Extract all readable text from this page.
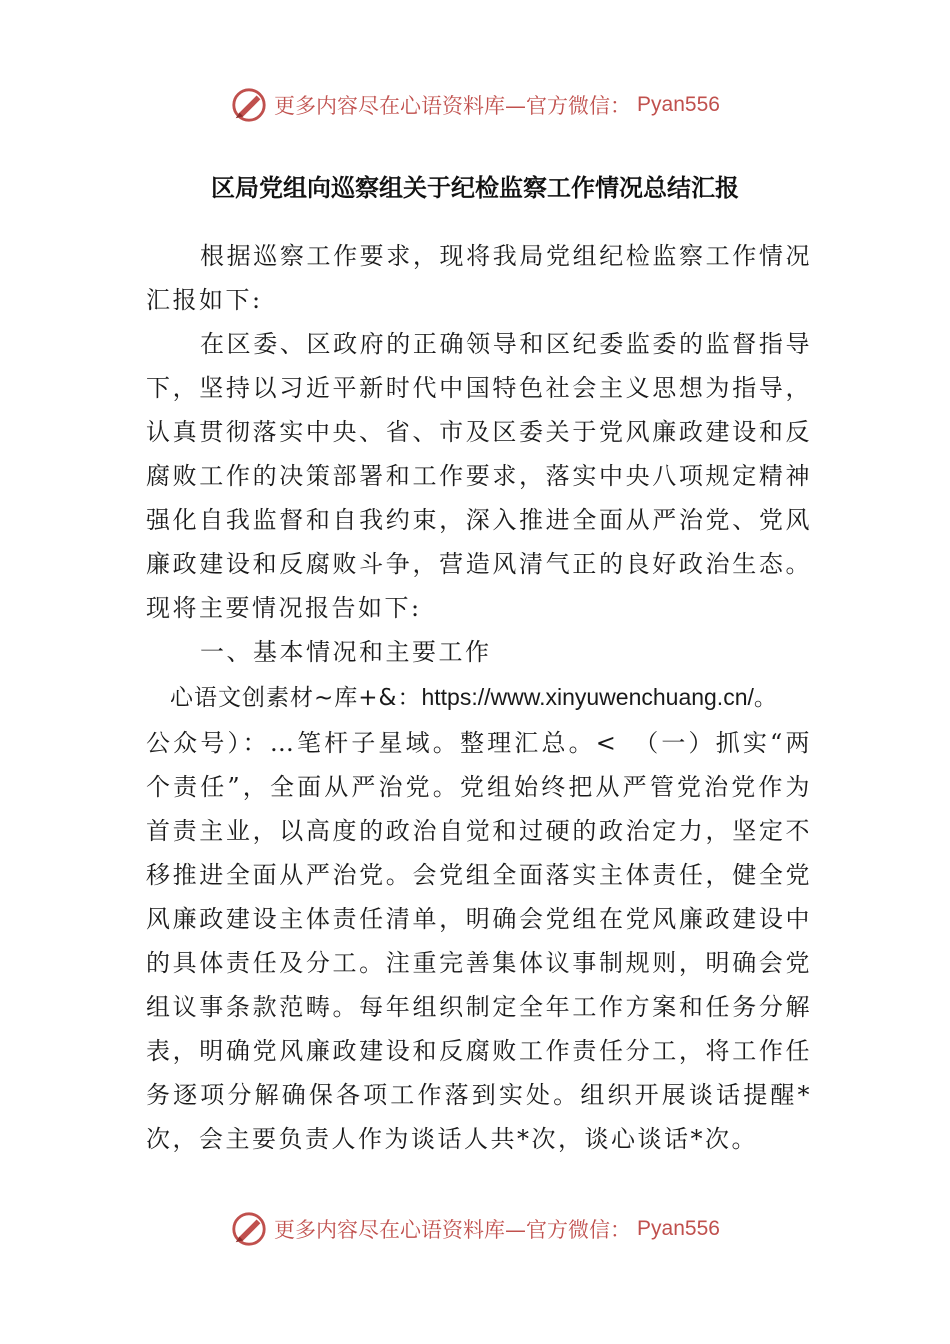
更多内容尽在心语资料库—官方微信： Pyan556
区局党组向巡察组关于纪检监察工作情况总结汇报

根据巡察工作要求，现将我局党组纪检监察工作情况汇报如下:

在区委、区政府的正确领导和区纪委监委的监督指导下，坚持以习近平新时代中国特色社会主义思想为指导，认真贯彻落实中央、省、市及区委关于党风廉政建设和反腐败工作的决策部署和工作要求，落实中央八项规定精神强化自我监督和自我约束，深入推进全面从严治党、党风廉政建设和反腐败斗争，营造风清气正的良好政治生态。现将主要情况报告如下:

一、基本情况和主要工作

心语文创素材~库+&：https://www.xinyuwenchuang.cn/。

公众号）：…笔杆子星域。整理汇总。<　（一）抓实“两个责任”，全面从严治党。党组始终把从严管党治党作为首责主业，以高度的政治自觉和过硬的政治定力，坚定不移推进全面从严治党。会党组全面落实主体责任，健全党风廉政建设主体责任清单，明确会党组在党风廉政建设中的具体责任及分工。注重完善集体议事制规则，明确会党组议事条款范畴。每年组织制定全年工作方案和任务分解表，明确党风廉政建设和反腐败工作责任分工，将工作任务逐项分解确保各项工作落到实处。组织开展谈话提醒*次，会主要负责人作为谈话人共*次，谈心谈话*次。

更多内容尽在心语资料库—官方微信： Pyan556
